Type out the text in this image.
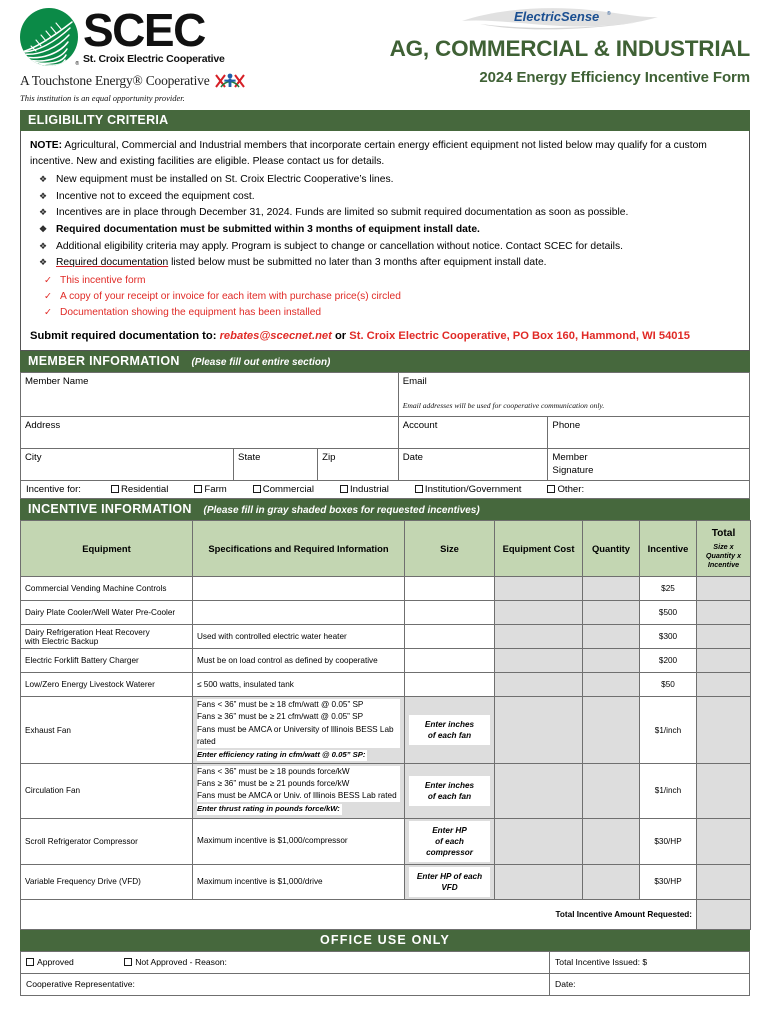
®
SCEC
St. Croix Electric Cooperative
A Touchstone Energy® Cooperative
This institution is an equal opportunity provider.
ElectricSense ®
AG, COMMERCIAL & INDUSTRIAL
2024 Energy Efficiency Incentive Form
ELIGIBILITY CRITERIA
NOTE: Agricultural, Commercial and Industrial members that incorporate certain energy efficient equipment not listed below may qualify for a custom incentive. New and existing facilities are eligible. Please contact us for details.
❖ New equipment must be installed on St. Croix Electric Cooperative’s lines.
❖ Incentive not to exceed the equipment cost.
❖ Incentives are in place through December 31, 2024. Funds are limited so submit required documentation as soon as possible.
❖ Required documentation must be submitted within 3 months of equipment install date.
❖ Additional eligibility criteria may apply. Program is subject to change or cancellation without notice. Contact SCEC for details.
❖ Required documentation listed below must be submitted no later than 3 months after equipment install date.
✓ This incentive form
✓ A copy of your receipt or invoice for each item with purchase price(s) circled
✓ Documentation showing the equipment has been installed
Submit required documentation to: rebates@scecnet.net or St. Croix Electric Cooperative, PO Box 160, Hammond, WI 54015
MEMBER INFORMATION (Please fill out entire section)
Member Name			Email
Email addresses will be used for cooperative communication only.	

Address			Account	Phone
City	State	Zip	Date	Member
Signature

Incentive for:	Residential	Farm	Commercial	Industrial	Institution/Government	Other:
INCENTIVE INFORMATION (Please fill in gray shaded boxes for requested incentives)
Equipment	Specifications and Required Information	Size	Equipment Cost	Quantity	Incentive	Total
Size x
Quantity x
Incentive

Commercial Vending Machine Controls					$25	
Dairy Plate Cooler/Well Water Pre-Cooler					$500	
Dairy Refrigeration Heat Recovery
with Electric Backup	Used with controlled electric water heater				$300	
Electric Forklift Battery Charger	Must be on load control as defined by cooperative				$200	
Low/Zero Energy Livestock Waterer	≤ 500 watts, insulated tank				$50	
Exhaust Fan	Fans < 36” must be ≥ 18 cfm/watt @ 0.05” SP
Fans ≥ 36” must be ≥ 21 cfm/watt @ 0.05” SP
Fans must be AMCA or University of Illinois BESS Lab rated
Enter efficiency rating in cfm/watt @ 0.05” SP:	Enter inches
of each fan			$1/inch	
Circulation Fan	Fans < 36” must be ≥ 18 pounds force/kW
Fans ≥ 36” must be ≥ 21 pounds force/kW
Fans must be AMCA or Univ. of Illinois BESS Lab rated
Enter thrust rating in pounds force/kW:	Enter inches
of each fan			$1/inch	
Scroll Refrigerator Compressor	Maximum incentive is $1,000/compressor	Enter HP
of each compressor			$30/HP	
Variable Frequency Drive (VFD)	Maximum incentive is $1,000/drive	Enter HP of each
VFD			$30/HP	
Total Incentive Amount Requested:						
OFFICE USE ONLY
Approved Not Approved - Reason:	Total Incentive Issued: $
Cooperative Representative:	Date:
